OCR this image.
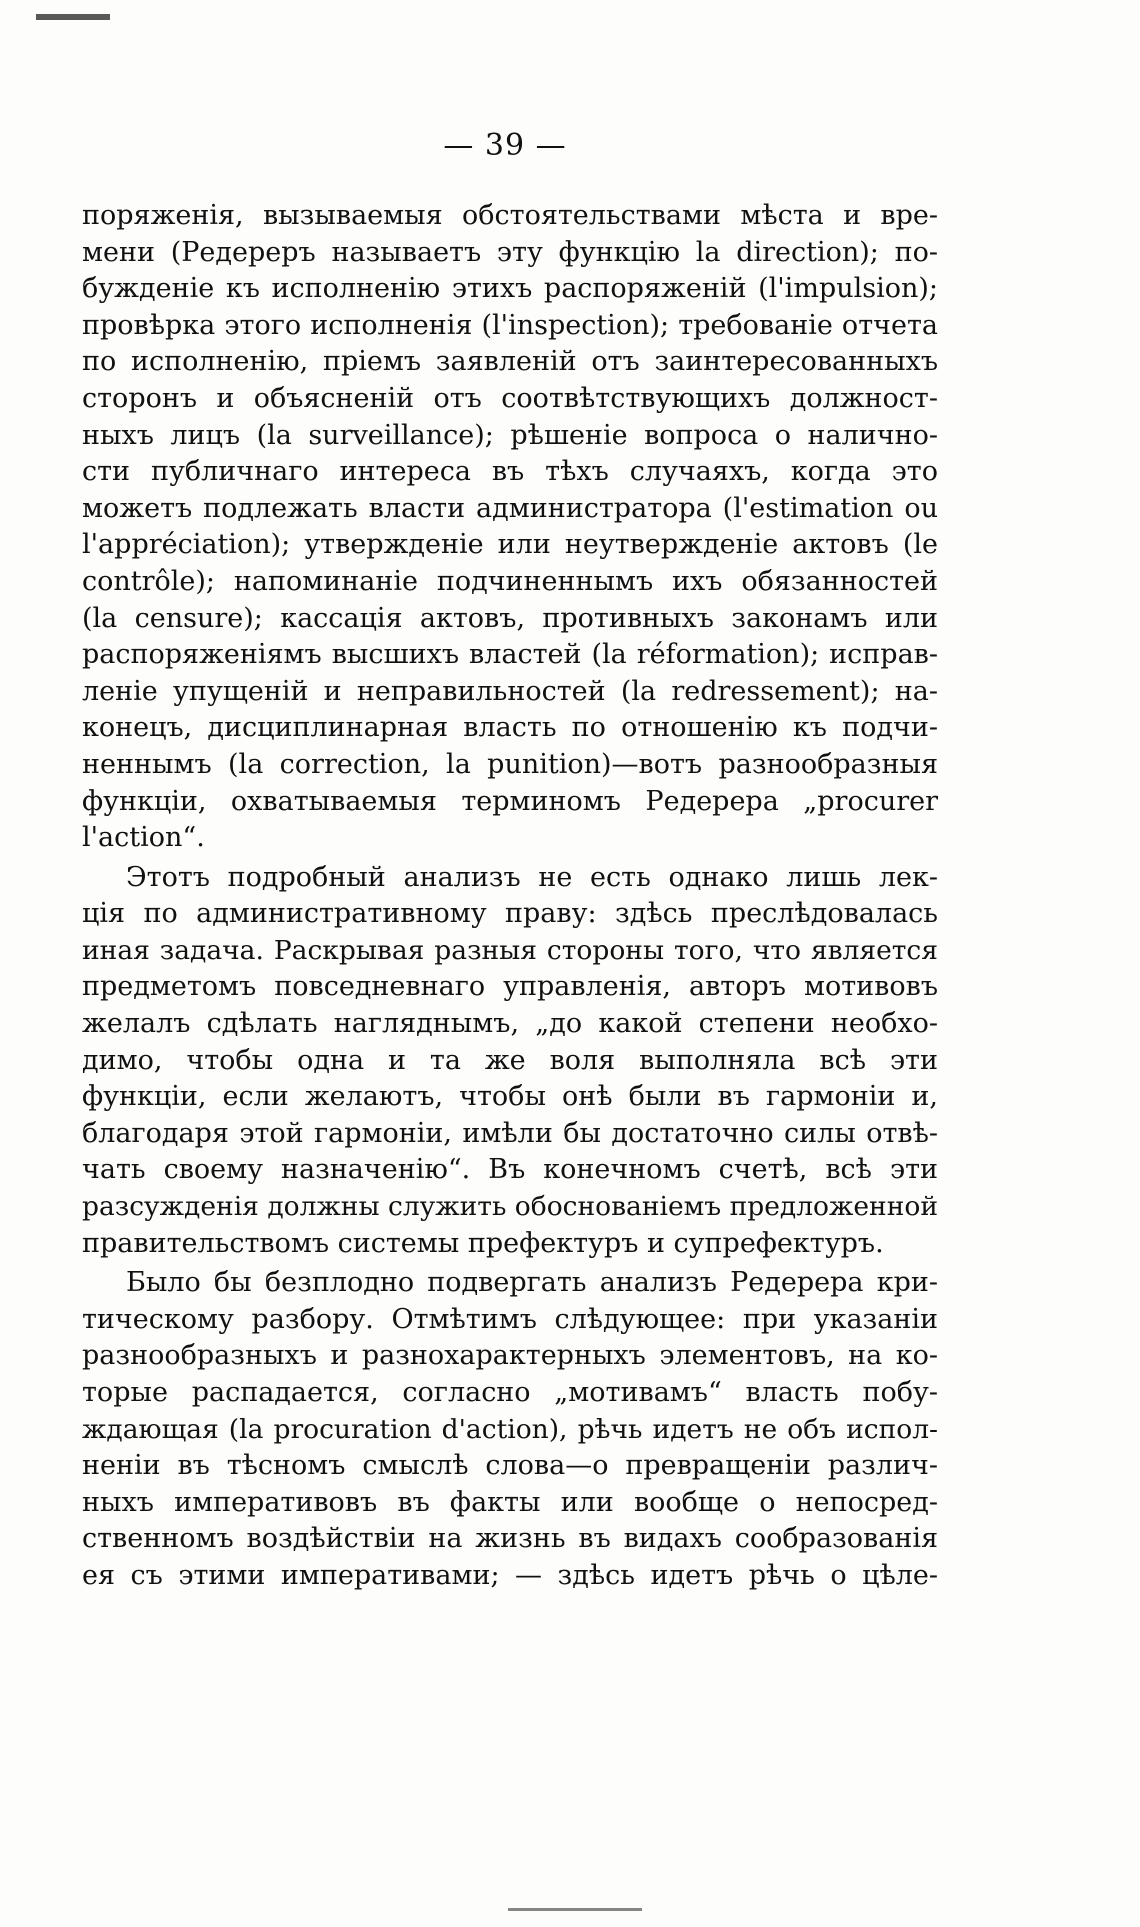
— 39 —
поряженія, вызываемыя обстоятельствами мѣста и вре-
мени (Редереръ называетъ эту функцію la direction); по-
бужденіе къ исполненію этихъ распоряженій (l'impulsion);
провѣрка этого исполненія (l'inspection); требованіе отчета
по исполненію, пріемъ заявленій отъ заинтересованныхъ
сторонъ и объясненій отъ соотвѣтствующихъ должност-
ныхъ лицъ (la surveillance); рѣшеніе вопроса о налично-
сти публичнаго интереса въ тѣхъ случаяхъ, когда это
можетъ подлежать власти администратора (l'estimation ou
l'appréciation); утвержденіе или неутвержденіе актовъ (le
contrôle); напоминаніе подчиненнымъ ихъ обязанностей
(la censure); кассація актовъ, противныхъ законамъ или
распоряженіямъ высшихъ властей (la réformation); исправ-
леніе упущеній и неправильностей (la redressement); на-
конецъ, дисциплинарная власть по отношенію къ подчи-
неннымъ (la correction, la punition)—вотъ разнообразныя
функціи, охватываемыя терминомъ Редерера „procurer
l'action“.
Этотъ подробный анализъ не есть однако лишь лек-
ція по административному праву: здѣсь преслѣдовалась
иная задача. Раскрывая разныя стороны того, что является
предметомъ повседневнаго управленія, авторъ мотивовъ
желалъ сдѣлать нагляднымъ, „до какой степени необхо-
димо, чтобы одна и та же воля выполняла всѣ эти
функціи, если желаютъ, чтобы онѣ были въ гармоніи и,
благодаря этой гармоніи, имѣли бы достаточно силы отвѣ-
чать своему назначенію“. Въ конечномъ счетѣ, всѣ эти
разсужденія должны служить обоснованіемъ предложенной
правительствомъ системы префектуръ и супрефектуръ.
Было бы безплодно подвергать анализъ Редерера кри-
тическому разбору. Отмѣтимъ слѣдующее: при указаніи
разнообразныхъ и разнохарактерныхъ элементовъ, на ко-
торые распадается, согласно „мотивамъ“ власть побу-
ждающая (la procuration d'action), рѣчь идетъ не объ испол-
неніи въ тѣсномъ смыслѣ слова—о превращеніи различ-
ныхъ императивовъ въ факты или вообще о непосред-
ственномъ воздѣйствіи на жизнь въ видахъ сообразованія
ея съ этими императивами; — здѣсь идетъ рѣчь о цѣле-
